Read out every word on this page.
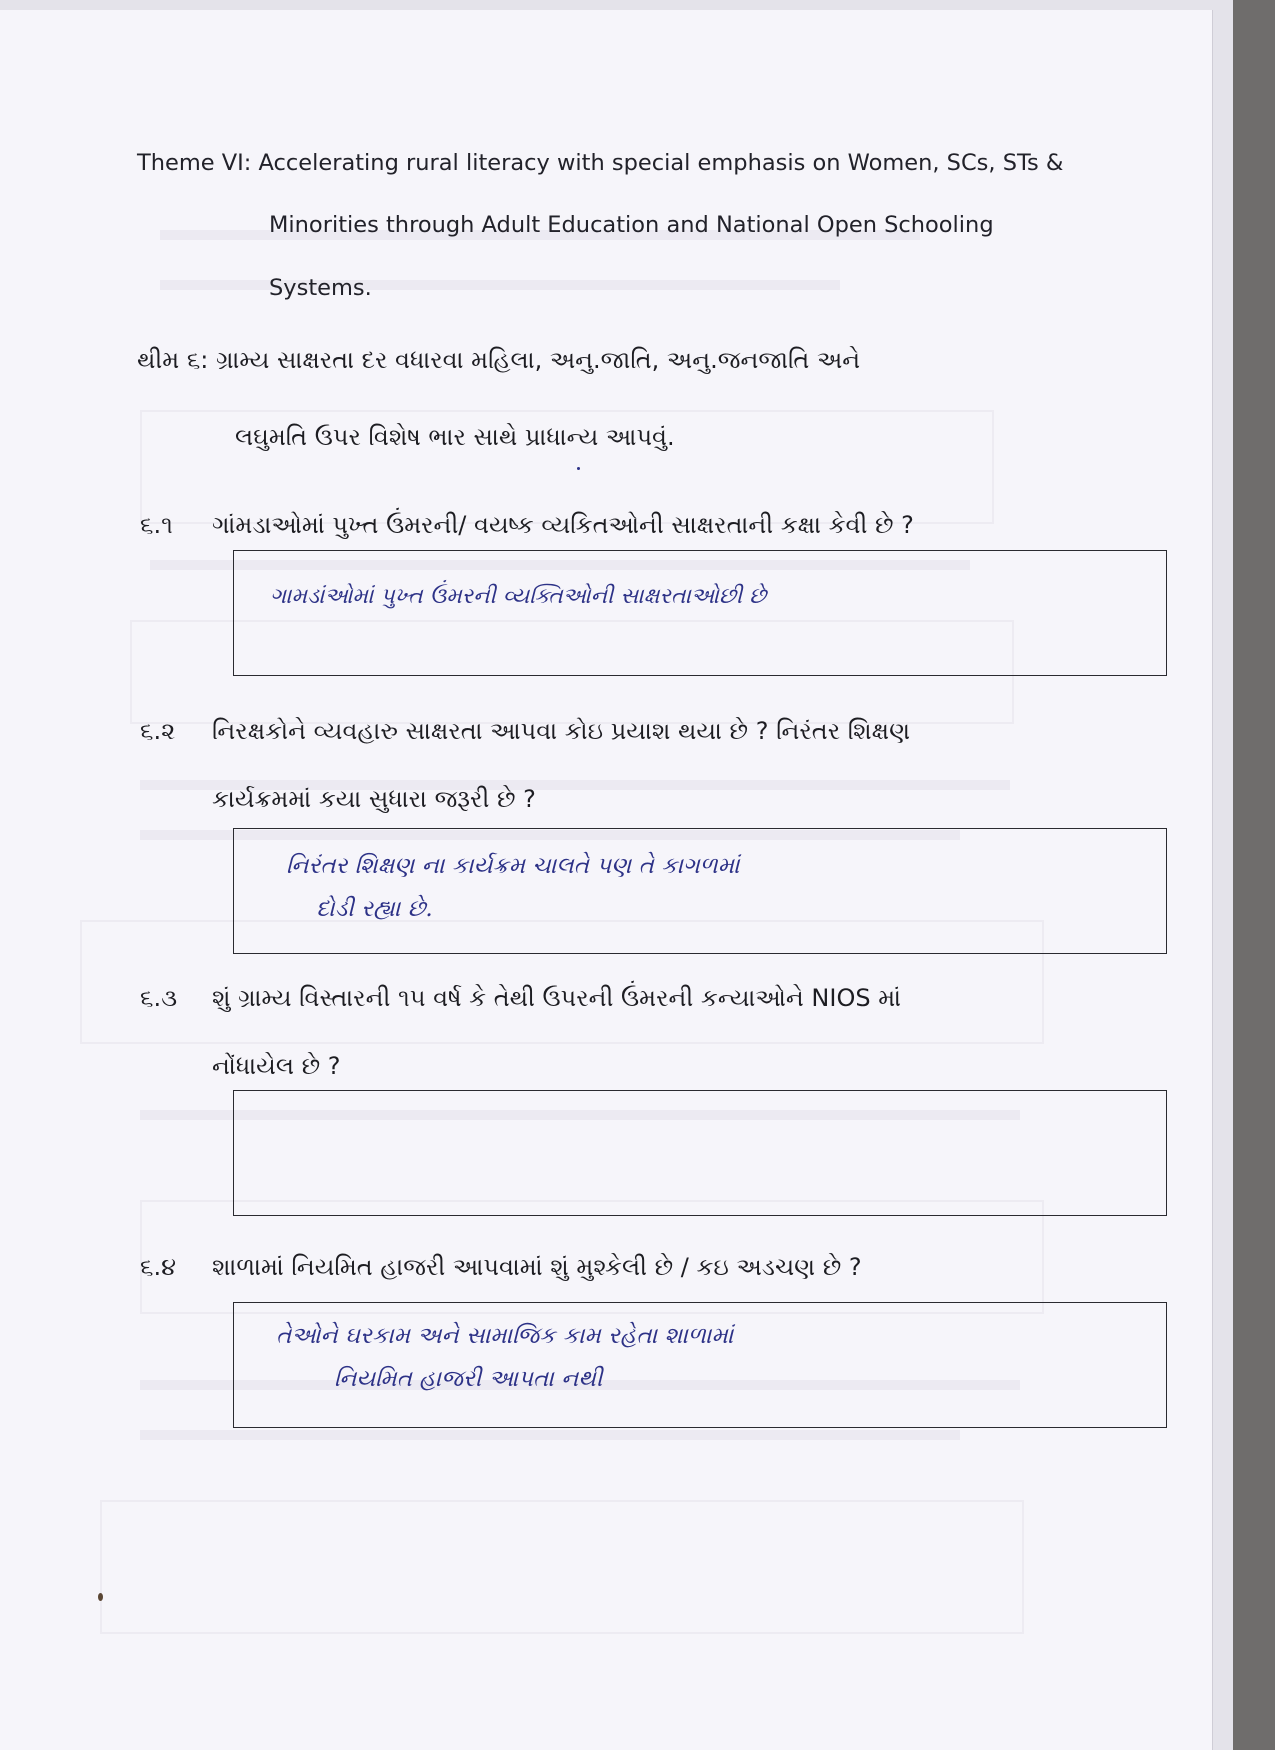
Theme VI: Accelerating rural literacy with special emphasis on Women, SCs, STs &
Minorities through Adult Education and National Open Schooling
Systems.
થીમ ૬: ગ્રામ્ય સાક્ષરતા દર વધારવા મહિલા, અનુ.જાતિ, અનુ.જનજાતિ અને
લઘુમતિ ઉપર વિશેષ ભાર સાથે પ્રાધાન્ય આપવું.
૬.૧ ગાંમડાઓમાં પુખ્ત ઉંમરની/ વયષ્ક વ્યકિતઓની સાક્ષરતાની કક્ષા કેવી છે ?
ગામડાંઓમાં પુખ્ત ઉંમરની વ્યક્તિઓની સાક્ષરતાઓછી છે
૬.૨ નિરક્ષકોને વ્યવહારુ સાક્ષરતા આપવા કોઇ પ્રયાશ થયા છે ? નિરંતર શિક્ષણ
કાર્યક્રમમાં કયા સુધારા જરૂરી છે ?
નિરંતર શિક્ષણ ના કાર્યક્રમ ચાલતે પણ તે કાગળમાં
દોડી રહ્યા છે.
૬.૩ શું ગ્રામ્ય વિસ્તારની ૧૫ વર્ષ કે તેથી ઉપરની ઉંમરની કન્યાઓને NIOS માં
નોંધાયેલ છે ?
૬.૪ શાળામાં નિયમિત હાજરી આપવામાં શું મુશ્કેલી છે / કઇ અડચણ છે ?
તેઓને ઘરકામ અને સામાજિક કામ રહેતા શાળામાં
નિયમિત હાજરી આપતા નથી
